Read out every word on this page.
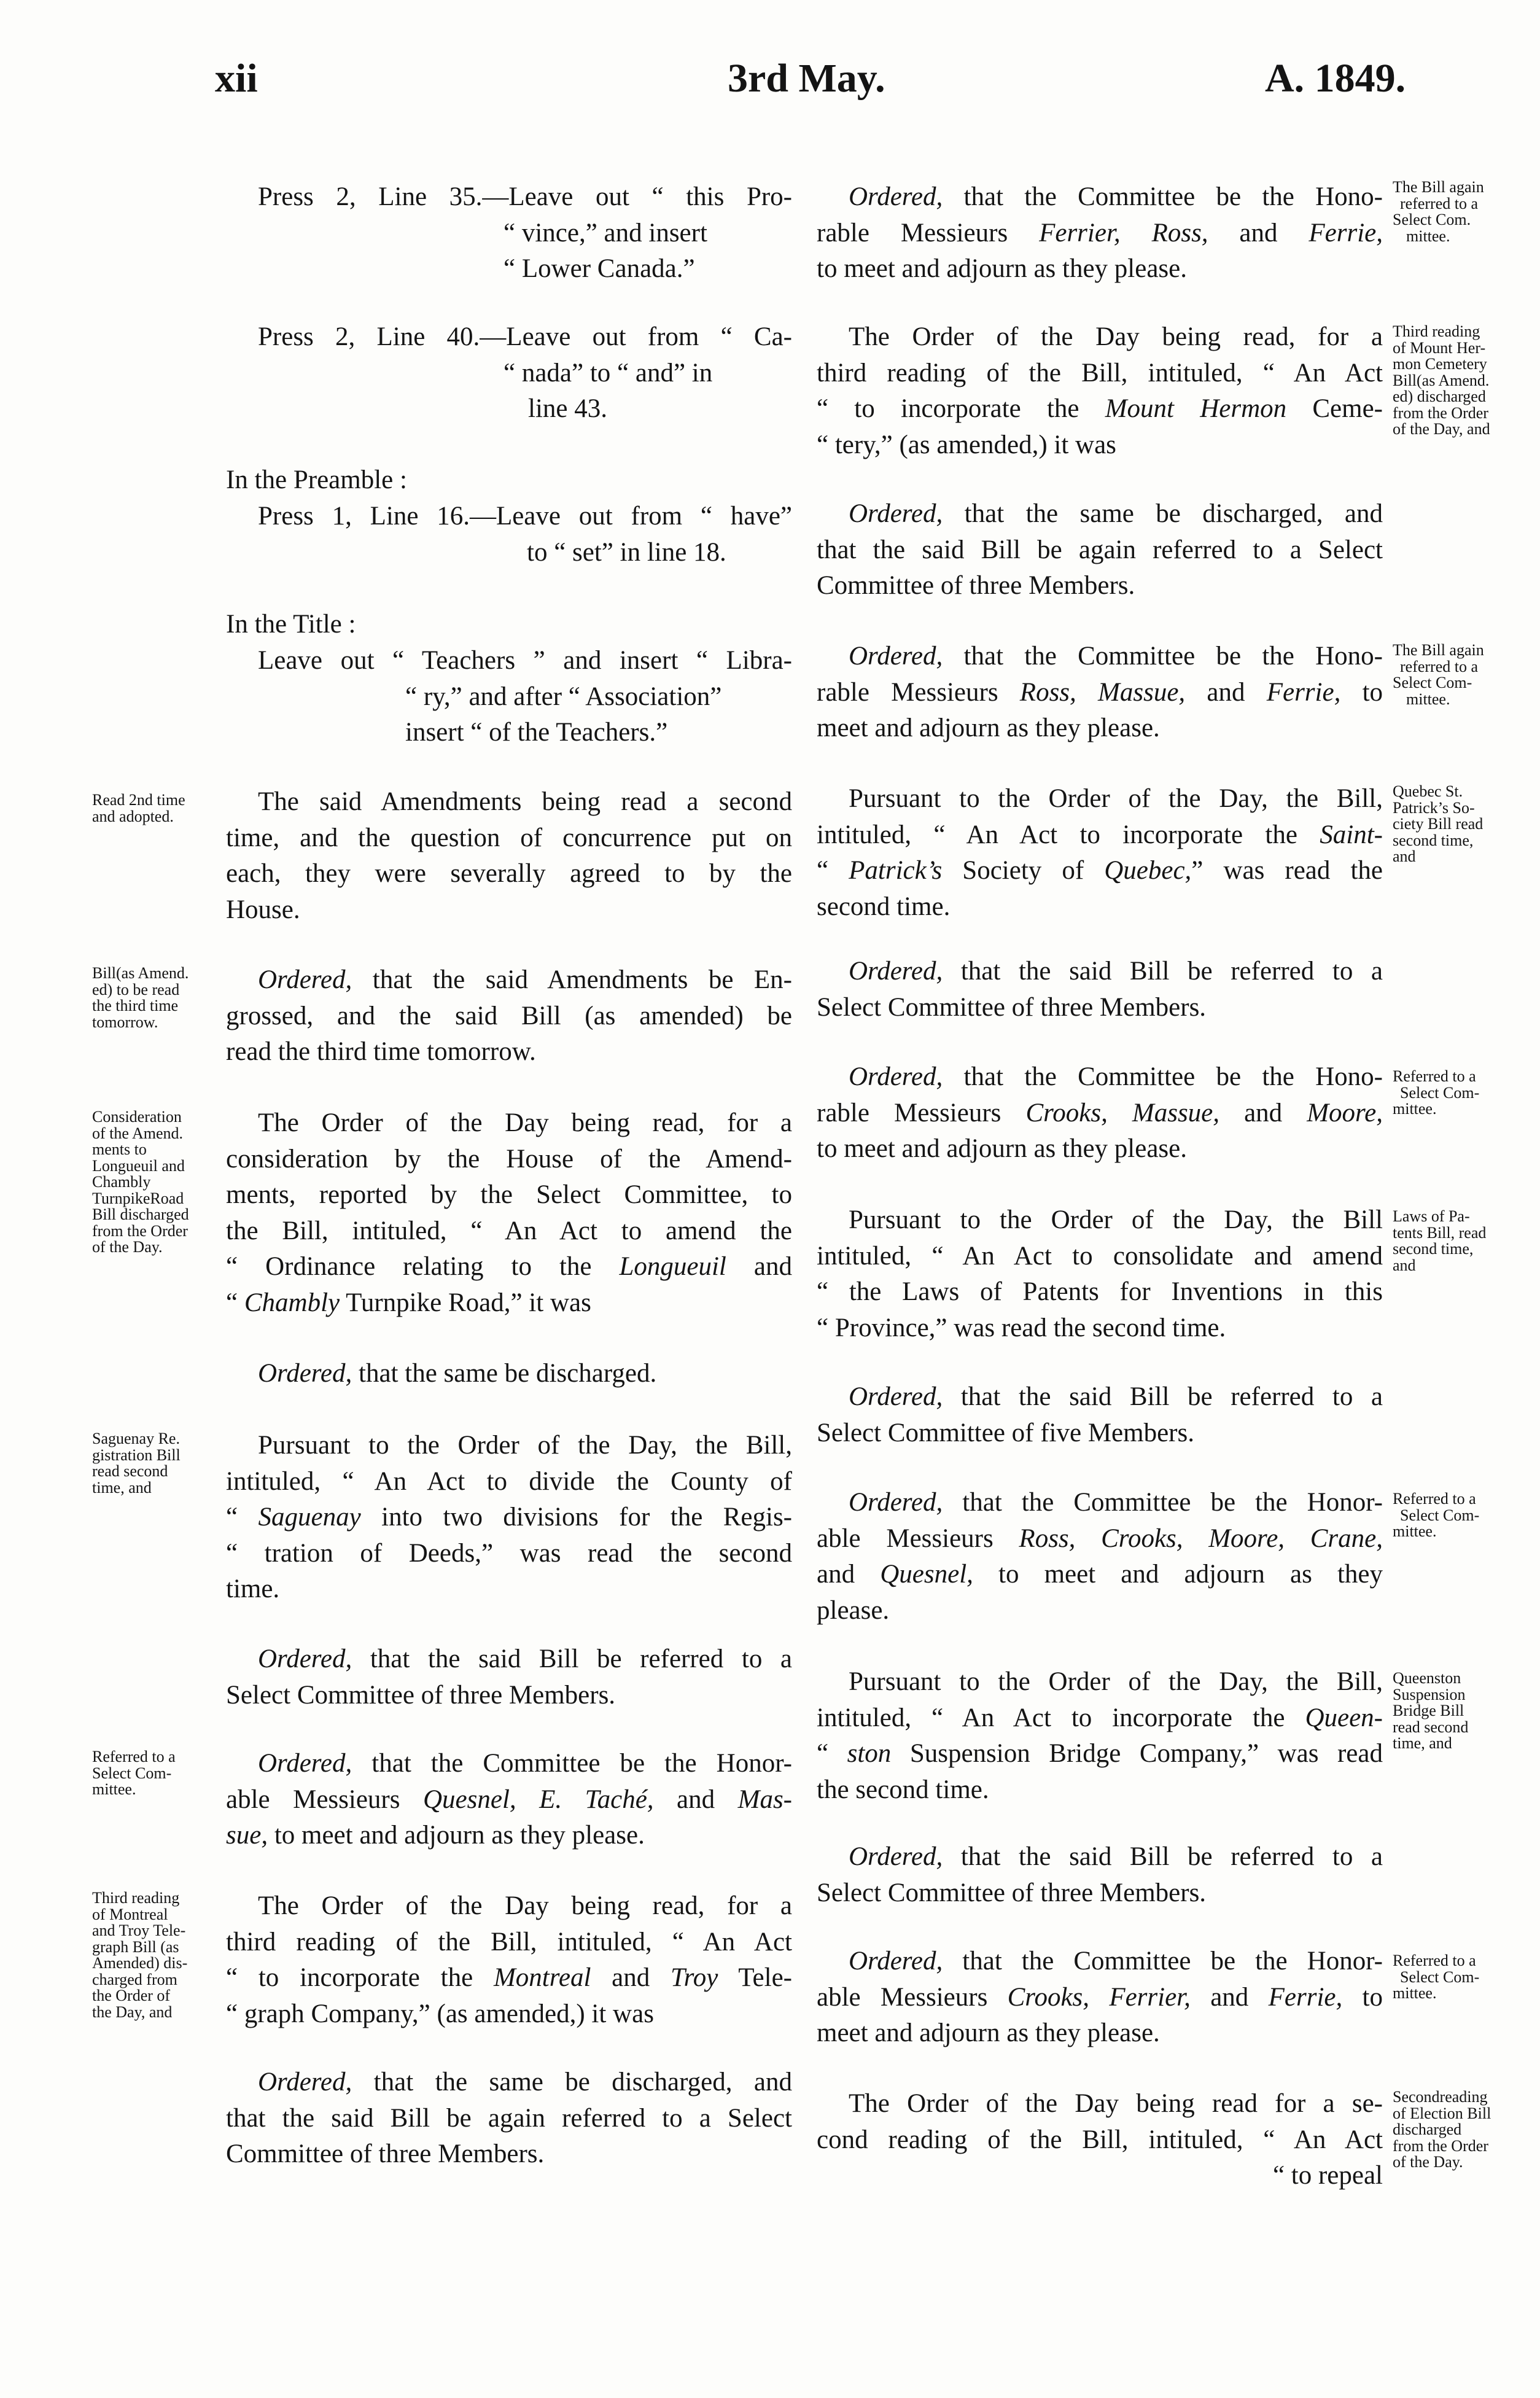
xii	3rd May.	A. 1849.
Press 2, Line 35.—Leave out “ this Pro-
“ vince,” and insert
“ Lower Canada.”
Press 2, Line 40.—Leave out from “ Ca-
“ nada” to “ and” in
line 43.
In the Preamble :
Press 1, Line 16.—Leave out from “ have”
to “ set” in line 18.
In the Title :
Leave out “ Teachers ” and insert “ Libra-
“ ry,” and after “ Association”
insert “ of the Teachers.”
The said Amendments being read a second
time, and the question of concurrence put on
each, they were severally agreed to by the
House.
Ordered, that the said Amendments be En-
grossed, and the said Bill (as amended) be
read the third time tomorrow.
The Order of the Day being read, for a
consideration by the House of the Amend-
ments, reported by the Select Committee, to
the Bill, intituled, “ An Act to amend the
“ Ordinance relating to the Longueuil and
“ Chambly Turnpike Road,” it was
Ordered, that the same be discharged.
Pursuant to the Order of the Day, the Bill,
intituled, “ An Act to divide the County of
“ Saguenay into two divisions for the Regis-
“ tration of Deeds,” was read the second
time.
Ordered, that the said Bill be referred to a
Select Committee of three Members.
Ordered, that the Committee be the Honor-
able Messieurs Quesnel, E. Taché, and Mas-
sue, to meet and adjourn as they please.
The Order of the Day being read, for a
third reading of the Bill, intituled, “ An Act
“ to incorporate the Montreal and Troy Tele-
“ graph Company,” (as amended,) it was
Ordered, that the same be discharged, and
that the said Bill be again referred to a Select
Committee of three Members.
Ordered, that the Committee be the Hono-
rable Messieurs Ferrier, Ross, and Ferrie,
to meet and adjourn as they please.
The Order of the Day being read, for a
third reading of the Bill, intituled, “ An Act
“ to incorporate the Mount Hermon Ceme-
“ tery,” (as amended,) it was
Ordered, that the same be discharged, and
that the said Bill be again referred to a Select
Committee of three Members.
Ordered, that the Committee be the Hono-
rable Messieurs Ross, Massue, and Ferrie, to
meet and adjourn as they please.
Pursuant to the Order of the Day, the Bill,
intituled, “ An Act to incorporate the Saint-
“ Patrick’s Society of Quebec,” was read the
second time.
Ordered, that the said Bill be referred to a
Select Committee of three Members.
Ordered, that the Committee be the Hono-
rable Messieurs Crooks, Massue, and Moore,
to meet and adjourn as they please.
Pursuant to the Order of the Day, the Bill
intituled, “ An Act to consolidate and amend
“ the Laws of Patents for Inventions in this
“ Province,” was read the second time.
Ordered, that the said Bill be referred to a
Select Committee of five Members.
Ordered, that the Committee be the Honor-
able Messieurs Ross, Crooks, Moore, Crane,
and Quesnel, to meet and adjourn as they
please.
Pursuant to the Order of the Day, the Bill,
intituled, “ An Act to incorporate the Queen-
“ ston Suspension Bridge Company,” was read
the second time.
Ordered, that the said Bill be referred to a
Select Committee of three Members.
Ordered, that the Committee be the Honor-
able Messieurs Crooks, Ferrier, and Ferrie, to
meet and adjourn as they please.
The Order of the Day being read for a se-
cond reading of the Bill, intituled, “ An Act
“ to repeal
Read 2nd time
and adopted.
Bill(as Amend.
ed) to be read
the third time
tomorrow.
Consideration
of the Amend.
ments to
Longueuil and
Chambly
TurnpikeRoad
Bill discharged
from the Order
of the Day.
Saguenay Re.
gistration Bill
read second
time, and
Referred to a
Select Com-
mittee.
Third reading
of Montreal
and Troy Tele-
graph Bill (as
Amended) dis-
charged from
the Order of
the Day, and
The Bill again
referred to a
Select Com.
mittee.
Third reading
of Mount Her-
mon Cemetery
Bill(as Amend.
ed) discharged
from the Order
of the Day, and
The Bill again
referred to a
Select Com-
mittee.
Quebec St.
Patrick’s So-
ciety Bill read
second time,
and
Referred to a
Select Com-
mittee.
Laws of Pa-
tents Bill, read
second time,
and
Referred to a
Select Com-
mittee.
Queenston
Suspension
Bridge Bill
read second
time, and
Referred to a
Select Com-
mittee.
Secondreading
of Election Bill
discharged
from the Order
of the Day.
